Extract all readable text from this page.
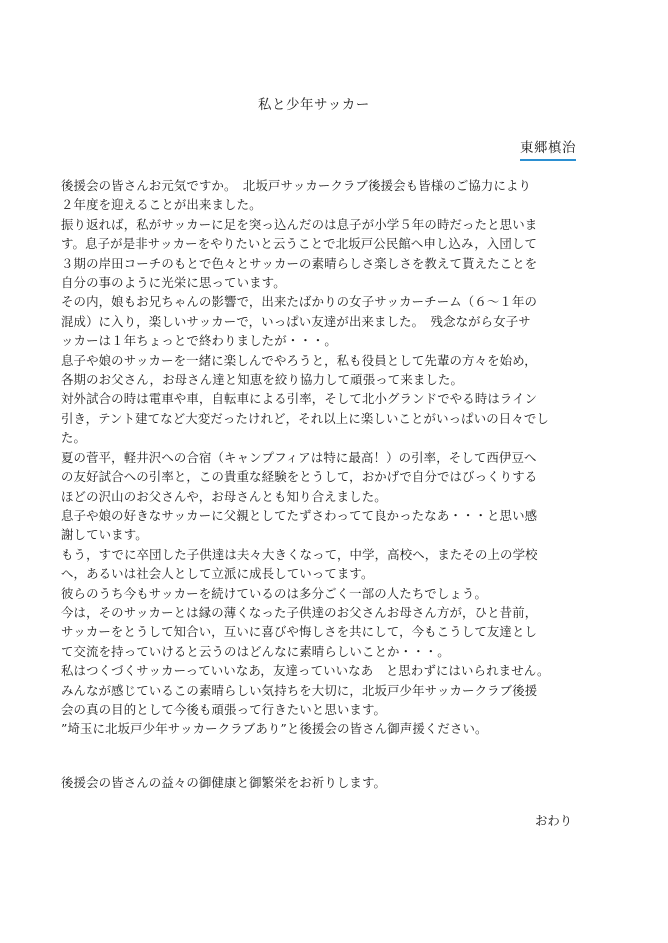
私と少年サッカー
東郷槙治

後援会の皆さんお元気ですか。　北坂戸サッカークラブ後援会も皆様のご協力により

２年度を迎えることが出来ました。

振り返れば，私がサッカーに足を突っ込んだのは息子が小学５年の時だったと思いま

す。息子が是非サッカーをやりたいと云うことで北坂戸公民館へ申し込み，入団して

３期の岸田コーチのもとで色々とサッカーの素晴らしさ楽しさを教えて貰えたことを

自分の事のように光栄に思っています。

その内，娘もお兄ちゃんの影響で，出来たばかりの女子サッカーチーム（６～１年の

混成）に入り，楽しいサッカーで，いっぱい友達が出来ました。　残念ながら女子サ

ッカーは１年ちょっとで終わりましたが・・・。

息子や娘のサッカーを一緒に楽しんでやろうと，私も役員として先輩の方々を始め，

各期のお父さん，お母さん達と知恵を絞り協力して頑張って来ました。

対外試合の時は電車や車，自転車による引率，そして北小グランドでやる時はライン

引き，テント建てなど大変だったけれど，それ以上に楽しいことがいっぱいの日々でし

た。

夏の菅平，軽井沢への合宿（キャンプフィアは特に最高！）の引率，そして西伊豆へ

の友好試合への引率と，この貴重な経験をとうして，おかげで自分ではびっくりする

ほどの沢山のお父さんや，お母さんとも知り合えました。

息子や娘の好きなサッカーに父親としてたずさわってて良かったなあ・・・と思い感

謝しています。

もう，すでに卒団した子供達は夫々大きくなって，中学，高校へ，またその上の学校

へ，あるいは社会人として立派に成長していってます。

彼らのうち今もサッカーを続けているのは多分ごく一部の人たちでしょう。

今は，そのサッカーとは縁の薄くなった子供達のお父さんお母さん方が，ひと昔前，

サッカーをとうして知合い，互いに喜びや悔しさを共にして，今もこうして友達とし

て交流を持っていけると云うのはどんなに素晴らしいことか・・・。

私はつくづくサッカーっていいなあ，友達っていいなあ　と思わずにはいられません。

みんなが感じているこの素晴らしい気持ちを大切に，北坂戸少年サッカークラブ後援

会の真の目的として今後も頑張って行きたいと思います。

”埼玉に北坂戸少年サッカークラブあり”と後援会の皆さん御声援ください。

後援会の皆さんの益々の御健康と御繁栄をお祈りします。
おわり
